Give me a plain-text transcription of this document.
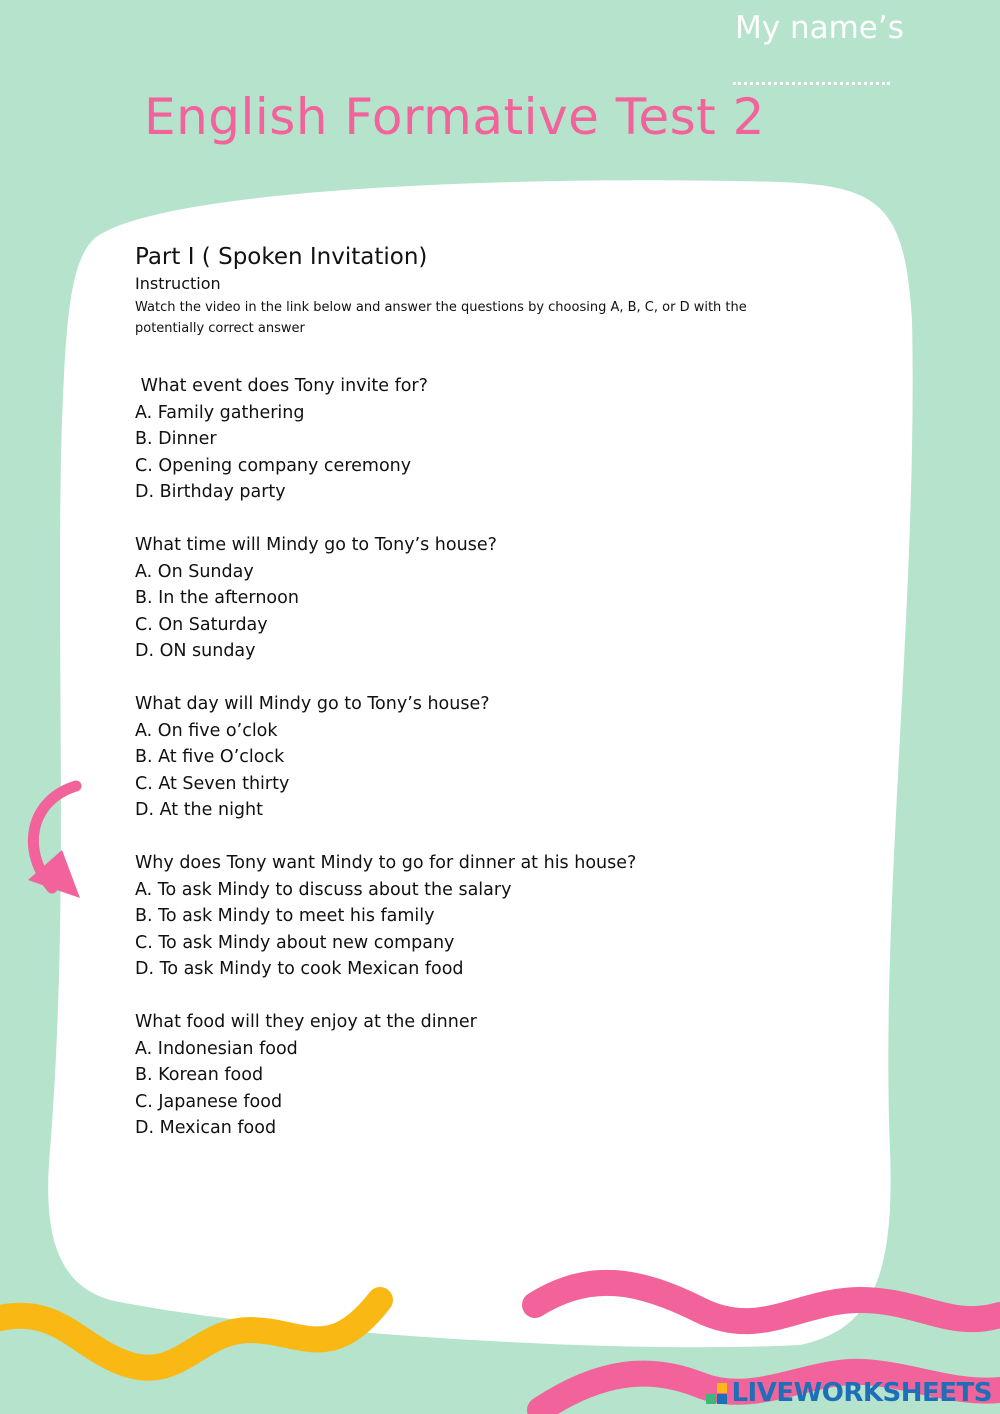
My name’s
English Formative Test 2
Part I ( Spoken Invitation)
Instruction

Watch the video in the link below and answer the questions by choosing A, B, C, or D with the potentially correct answer

What event does Tony invite for?
A. Family gathering
B. Dinner
C. Opening company ceremony
D. Birthday party
What time will Mindy go to Tony’s house?
A. On Sunday
B. In the afternoon
C. On Saturday
D. ON sunday
What day will Mindy go to Tony’s house?
A. On five o’clok
B. At five O’clock
C. At Seven thirty
D. At the night
Why does Tony want Mindy to go for dinner at his house?
A. To ask Mindy to discuss about the salary
B. To ask Mindy to meet his family
C. To ask Mindy about new company
D. To ask Mindy to cook Mexican food
What food will they enjoy at the dinner
A. Indonesian food
B. Korean food
C. Japanese food
D. Mexican food
LIVEWORKSHEETS
